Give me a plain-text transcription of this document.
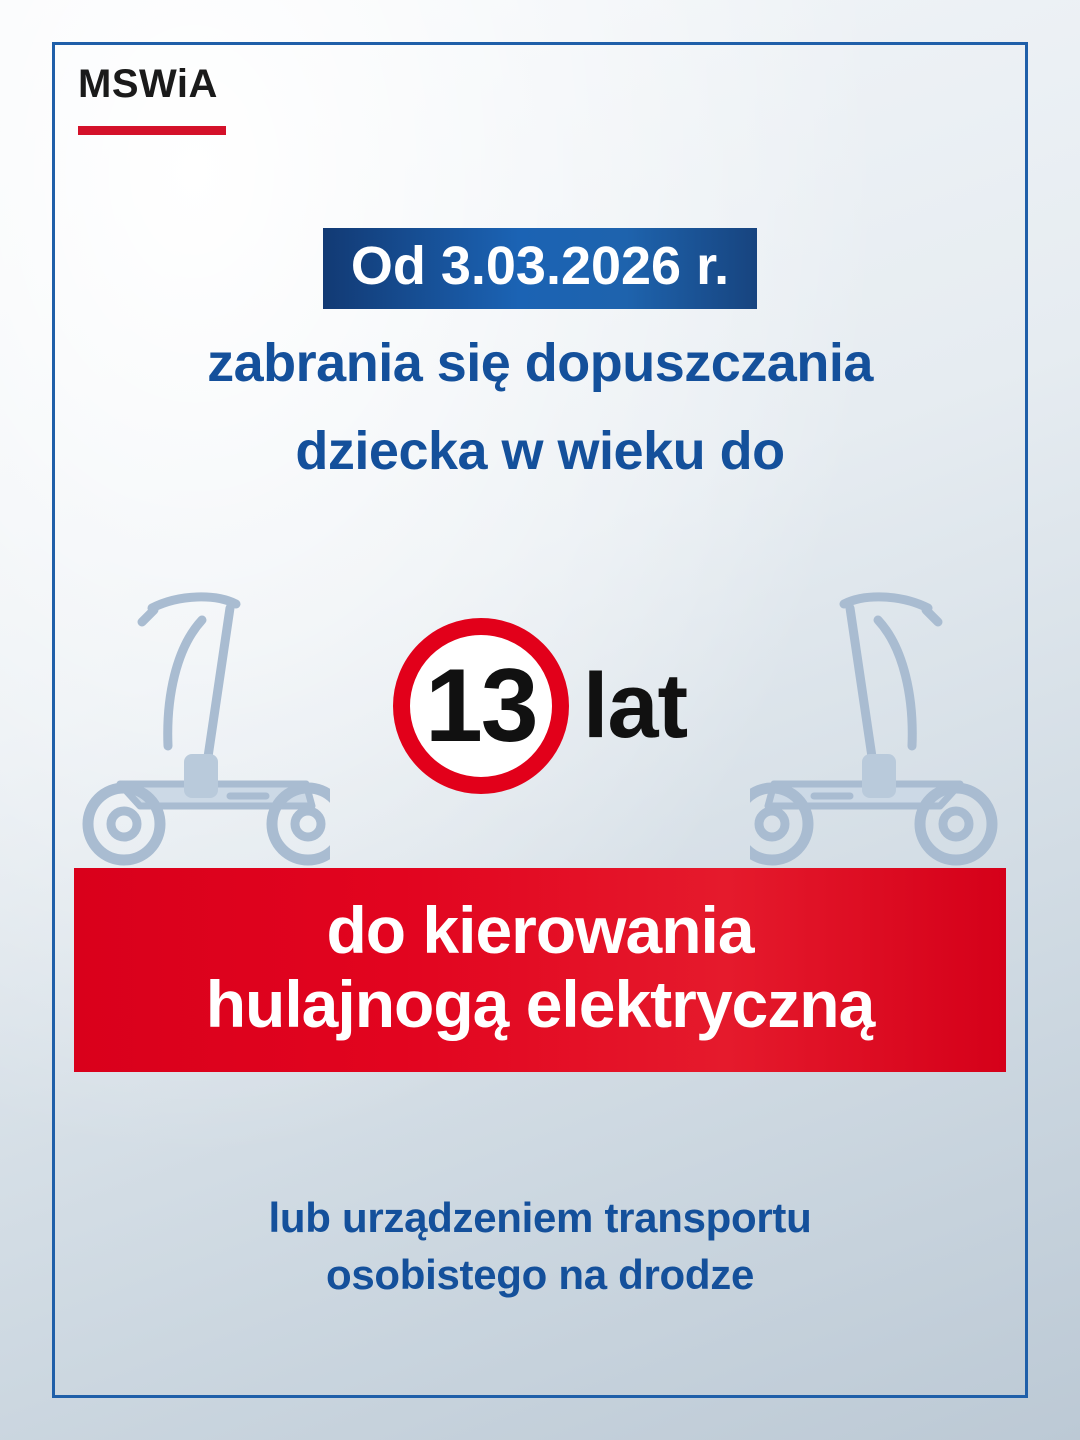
MSWiA
Od 3.03.2026 r.
zabrania się dopuszczania
dziecka w wieku do
13 lat
do kierowania
hulajnogą elektryczną
lub urządzeniem transportu
osobistego na drodze
